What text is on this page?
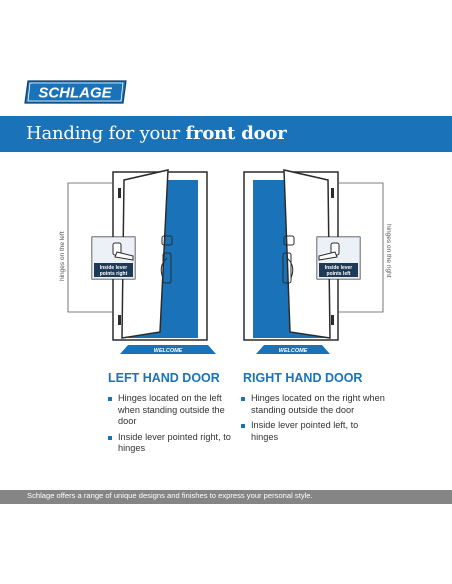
SCHLAGE
Handing for your front door
Inside lever
points right
hinges on the left
WELCOME
Inside lever
points left	hinges on the right
WELCOME
LEFT HAND DOOR
Hinges located on the left when standing outside the door
Inside lever pointed right, to hinges
RIGHT HAND DOOR
Hinges located on the right when standing outside the door
Inside lever pointed left, to hinges
Schlage offers a range of unique designs and finishes to express your personal style.
